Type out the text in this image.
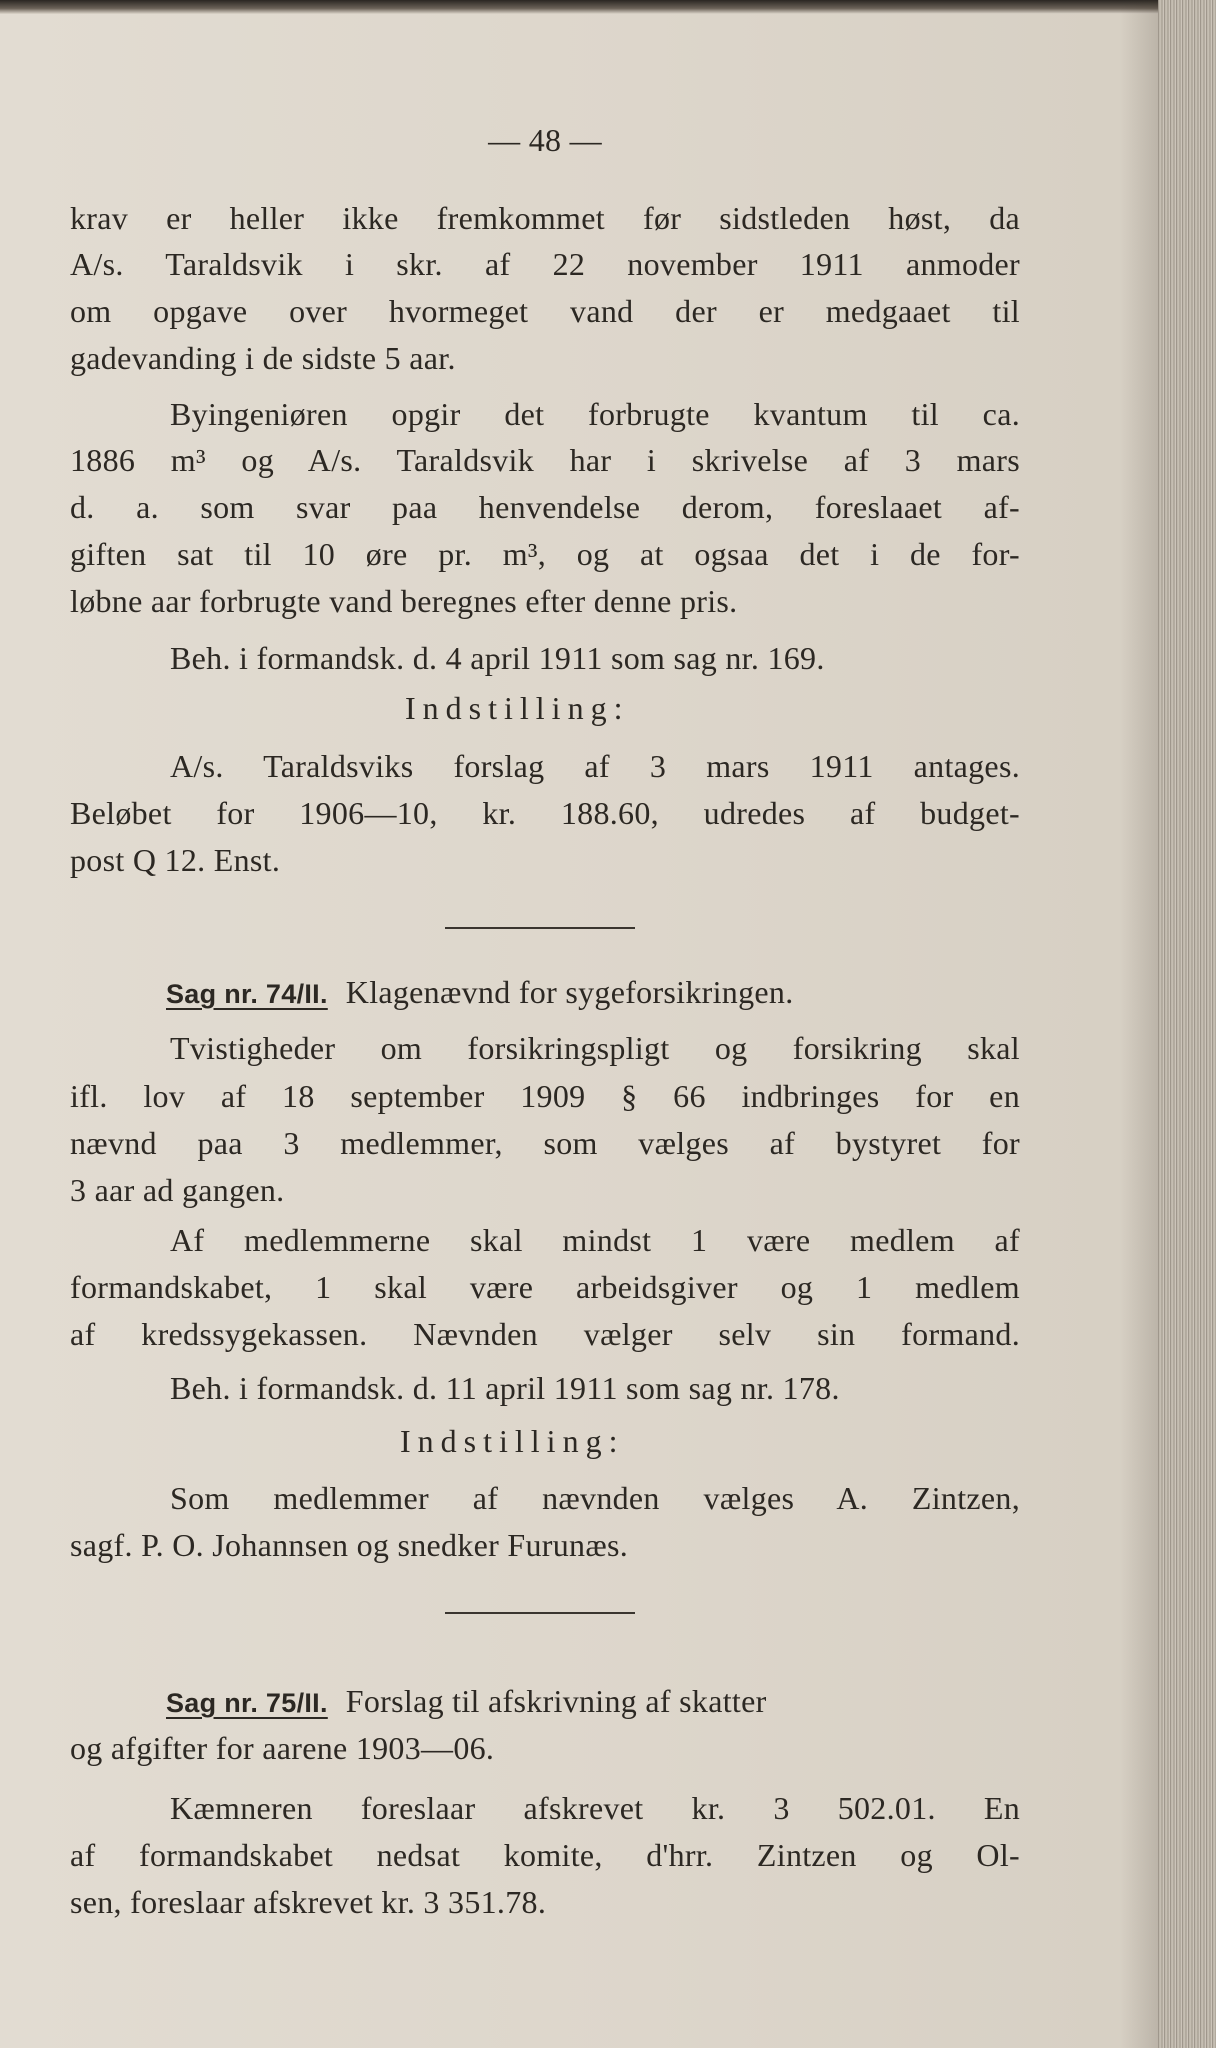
— 48 —
krav er heller ikke fremkommet før sidstleden høst, da
A/s. Taraldsvik i skr. af 22 november 1911 anmoder
om opgave over hvormeget vand der er medgaaet til
gadevanding i de sidste 5 aar.
Byingeniøren opgir det forbrugte kvantum til ca.
1886 m³ og A/s. Taraldsvik har i skrivelse af 3 mars
d. a. som svar paa henvendelse derom, foreslaaet af-
giften sat til 10 øre pr. m³, og at ogsaa det i de for-
løbne aar forbrugte vand beregnes efter denne pris.
Beh. i formandsk. d. 4 april 1911 som sag nr. 169.
Indstilling:
A/s. Taraldsviks forslag af 3 mars 1911 antages.
Beløbet for 1906—10, kr. 188.60, udredes af budget-
post Q 12. Enst.
Sag nr. 74/II. Klagenævnd for sygeforsikringen.
Tvistigheder om forsikringspligt og forsikring skal
ifl. lov af 18 september 1909 § 66 indbringes for en
nævnd paa 3 medlemmer, som vælges af bystyret for
3 aar ad gangen.
Af medlemmerne skal mindst 1 være medlem af
formandskabet, 1 skal være arbeidsgiver og 1 medlem
af kredssygekassen. Nævnden vælger selv sin formand.
Beh. i formandsk. d. 11 april 1911 som sag nr. 178.
Indstilling:
Som medlemmer af nævnden vælges A. Zintzen,
sagf. P. O. Johannsen og snedker Furunæs.
Sag nr. 75/II. Forslag til afskrivning af skatter
og afgifter for aarene 1903—06.
Kæmneren foreslaar afskrevet kr. 3 502.01. En
af formandskabet nedsat komite, d'hrr. Zintzen og Ol-
sen, foreslaar afskrevet kr. 3 351.78.
